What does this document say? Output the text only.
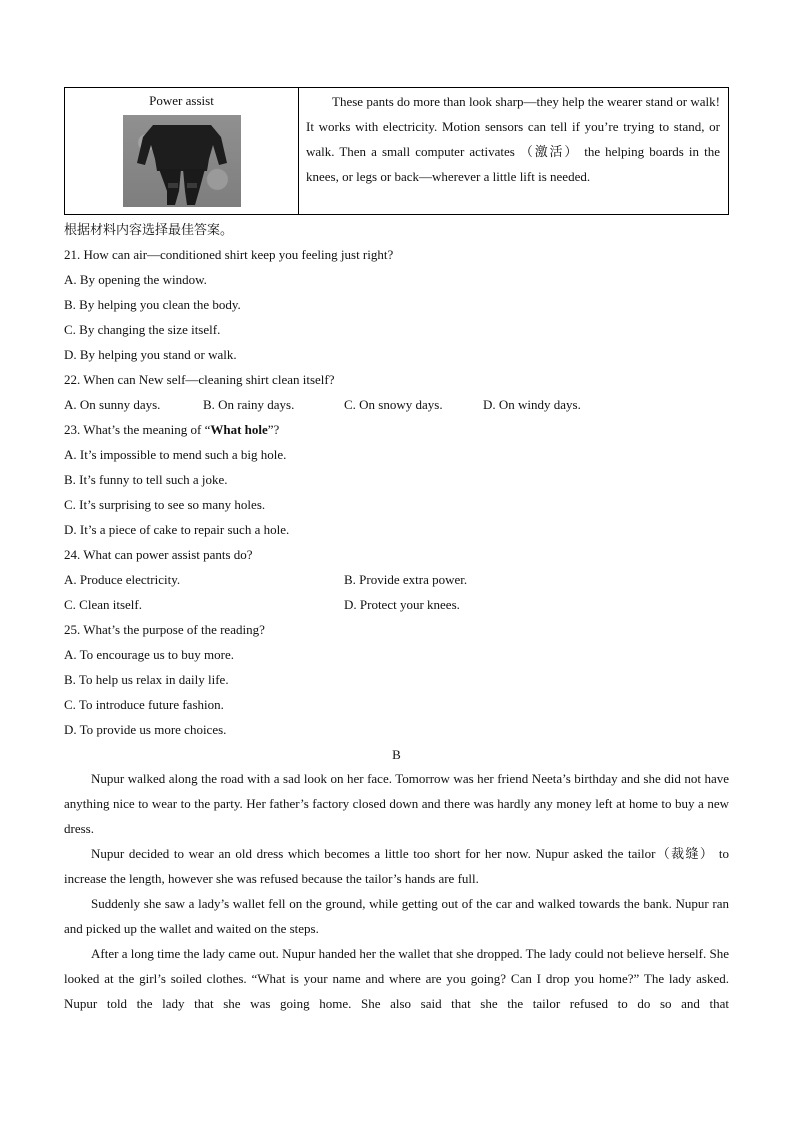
Power assist	These pants do more than look sharp—they help the wearer stand or walk! It works with electricity. Motion sensors can tell if you’re trying to stand, or walk. Then a small computer activates （激活） the helping boards in the knees, or legs or back—wherever a little lift is needed.

根据材料内容选择最佳答案。
21. How can air—conditioned shirt keep you feeling just right?
A. By opening the window.
B. By helping you clean the body.
C. By changing the size itself.
D. By helping you stand or walk.
22. When can New self—cleaning shirt clean itself?
A. On sunny days.	B. On rainy days.	C. On snowy days.	D. On windy days.
23. What’s the meaning of “What hole”?
A. It’s impossible to mend such a big hole.
B. It’s funny to tell such a joke.
C. It’s surprising to see so many holes.
D. It’s a piece of cake to repair such a hole.
24. What can power assist pants do?
A. Produce electricity.	B. Provide extra power.
C. Clean itself.	D. Protect your knees.
25. What’s the purpose of the reading?
A. To encourage us to buy more.
B. To help us relax in daily life.
C. To introduce future fashion.
D. To provide us more choices.
B

Nupur walked along the road with a sad look on her face. Tomorrow was her friend Neeta’s birthday and she did not have anything nice to wear to the party. Her father’s factory closed down and there was hardly any money left at home to buy a new dress.

Nupur decided to wear an old dress which becomes a little too short for her now. Nupur asked the tailor（裁缝） to increase the length, however she was refused because the tailor’s hands are full.

Suddenly she saw a lady’s wallet fell on the ground, while getting out of the car and walked towards the bank. Nupur ran and picked up the wallet and waited on the steps.

After a long time the lady came out. Nupur handed her the wallet that she dropped. The lady could not believe herself. She looked at the girl’s soiled clothes. “What is your name and where are you going? Can I drop you home?” The lady asked. Nupur told the lady that she was going home. She also said that she the tailor refused to do so and that
